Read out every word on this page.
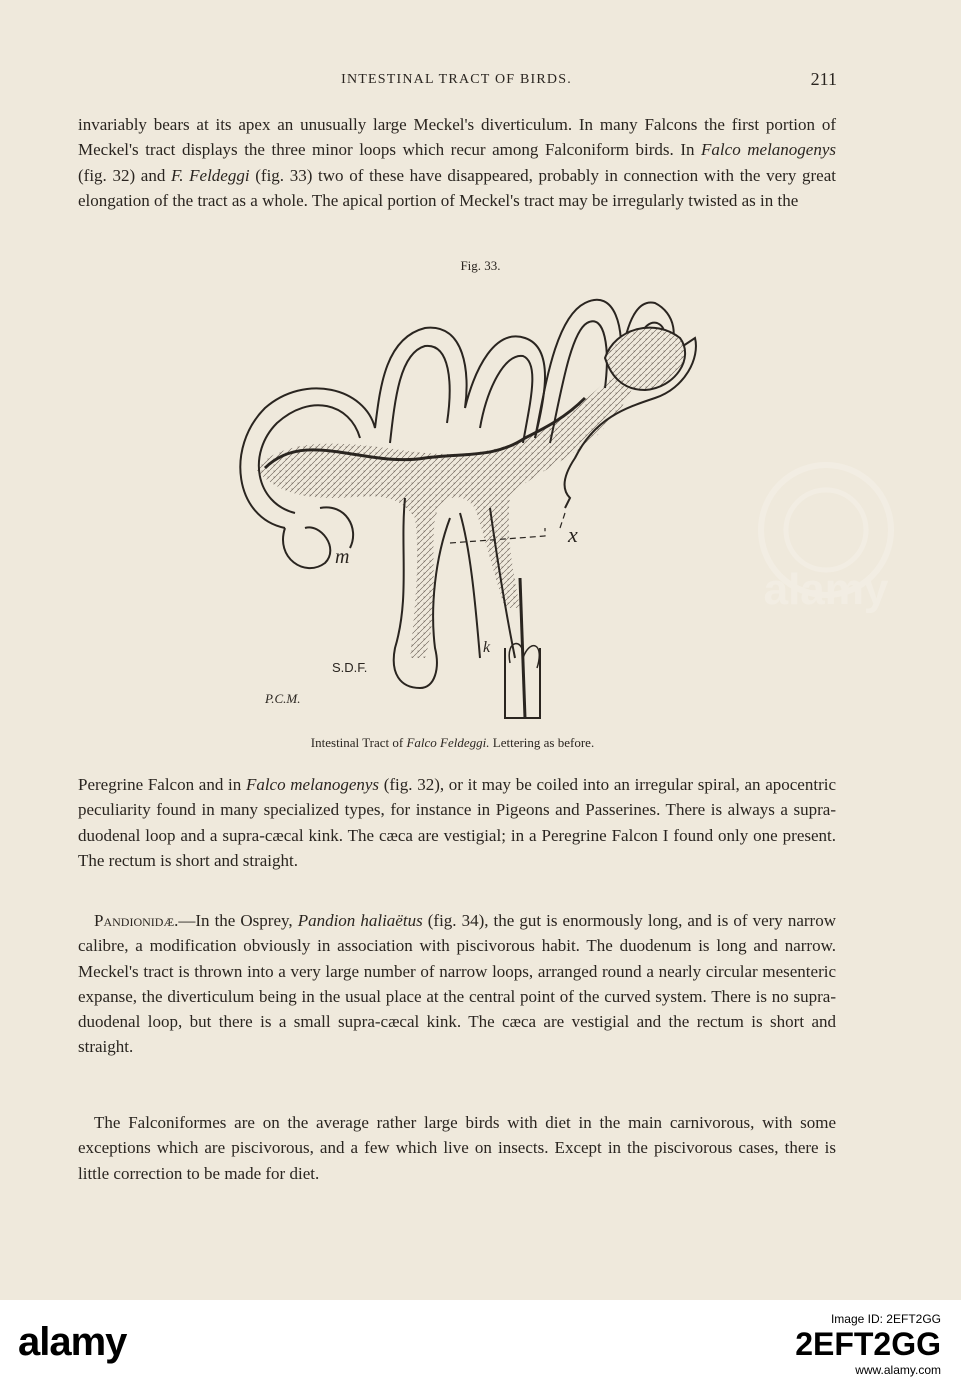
INTESTINAL TRACT OF BIRDS.	211

invariably bears at its apex an unusually large Meckel's diverticulum. In many Falcons the first portion of Meckel's tract displays the three minor loops which recur among Falconiform birds. In Falco melanogenys (fig. 32) and F. Feldeggi (fig. 33) two of these have disappeared, probably in connection with the very great elongation of the tract as a whole. The apical portion of Meckel's tract may be irregularly twisted as in the

Fig. 33.
x
m
k
S.D.F.
P.C.M.
Intestinal Tract of Falco Feldeggi. Lettering as before.

Peregrine Falcon and in Falco melanogenys (fig. 32), or it may be coiled into an irregular spiral, an apocentric peculiarity found in many specialized types, for instance in Pigeons and Passerines. There is always a supra-duodenal loop and a supra-cæcal kink. The cæca are vestigial; in a Peregrine Falcon I found only one present. The rectum is short and straight.

Pandionidæ.—In the Osprey, Pandion haliaëtus (fig. 34), the gut is enormously long, and is of very narrow calibre, a modification obviously in association with piscivorous habit. The duodenum is long and narrow. Meckel's tract is thrown into a very large number of narrow loops, arranged round a nearly circular mesenteric expanse, the diverticulum being in the usual place at the central point of the curved system. There is no supra-duodenal loop, but there is a small supra-cæcal kink. The cæca are vestigial and the rectum is short and straight.

The Falconiformes are on the average rather large birds with diet in the main carnivorous, with some exceptions which are piscivorous, and a few which live on insects. Except in the piscivorous cases, there is little correction to be made for diet.

alamy
alamy
Image ID: 2EFT2GG
2EFT2GG
www.alamy.com
